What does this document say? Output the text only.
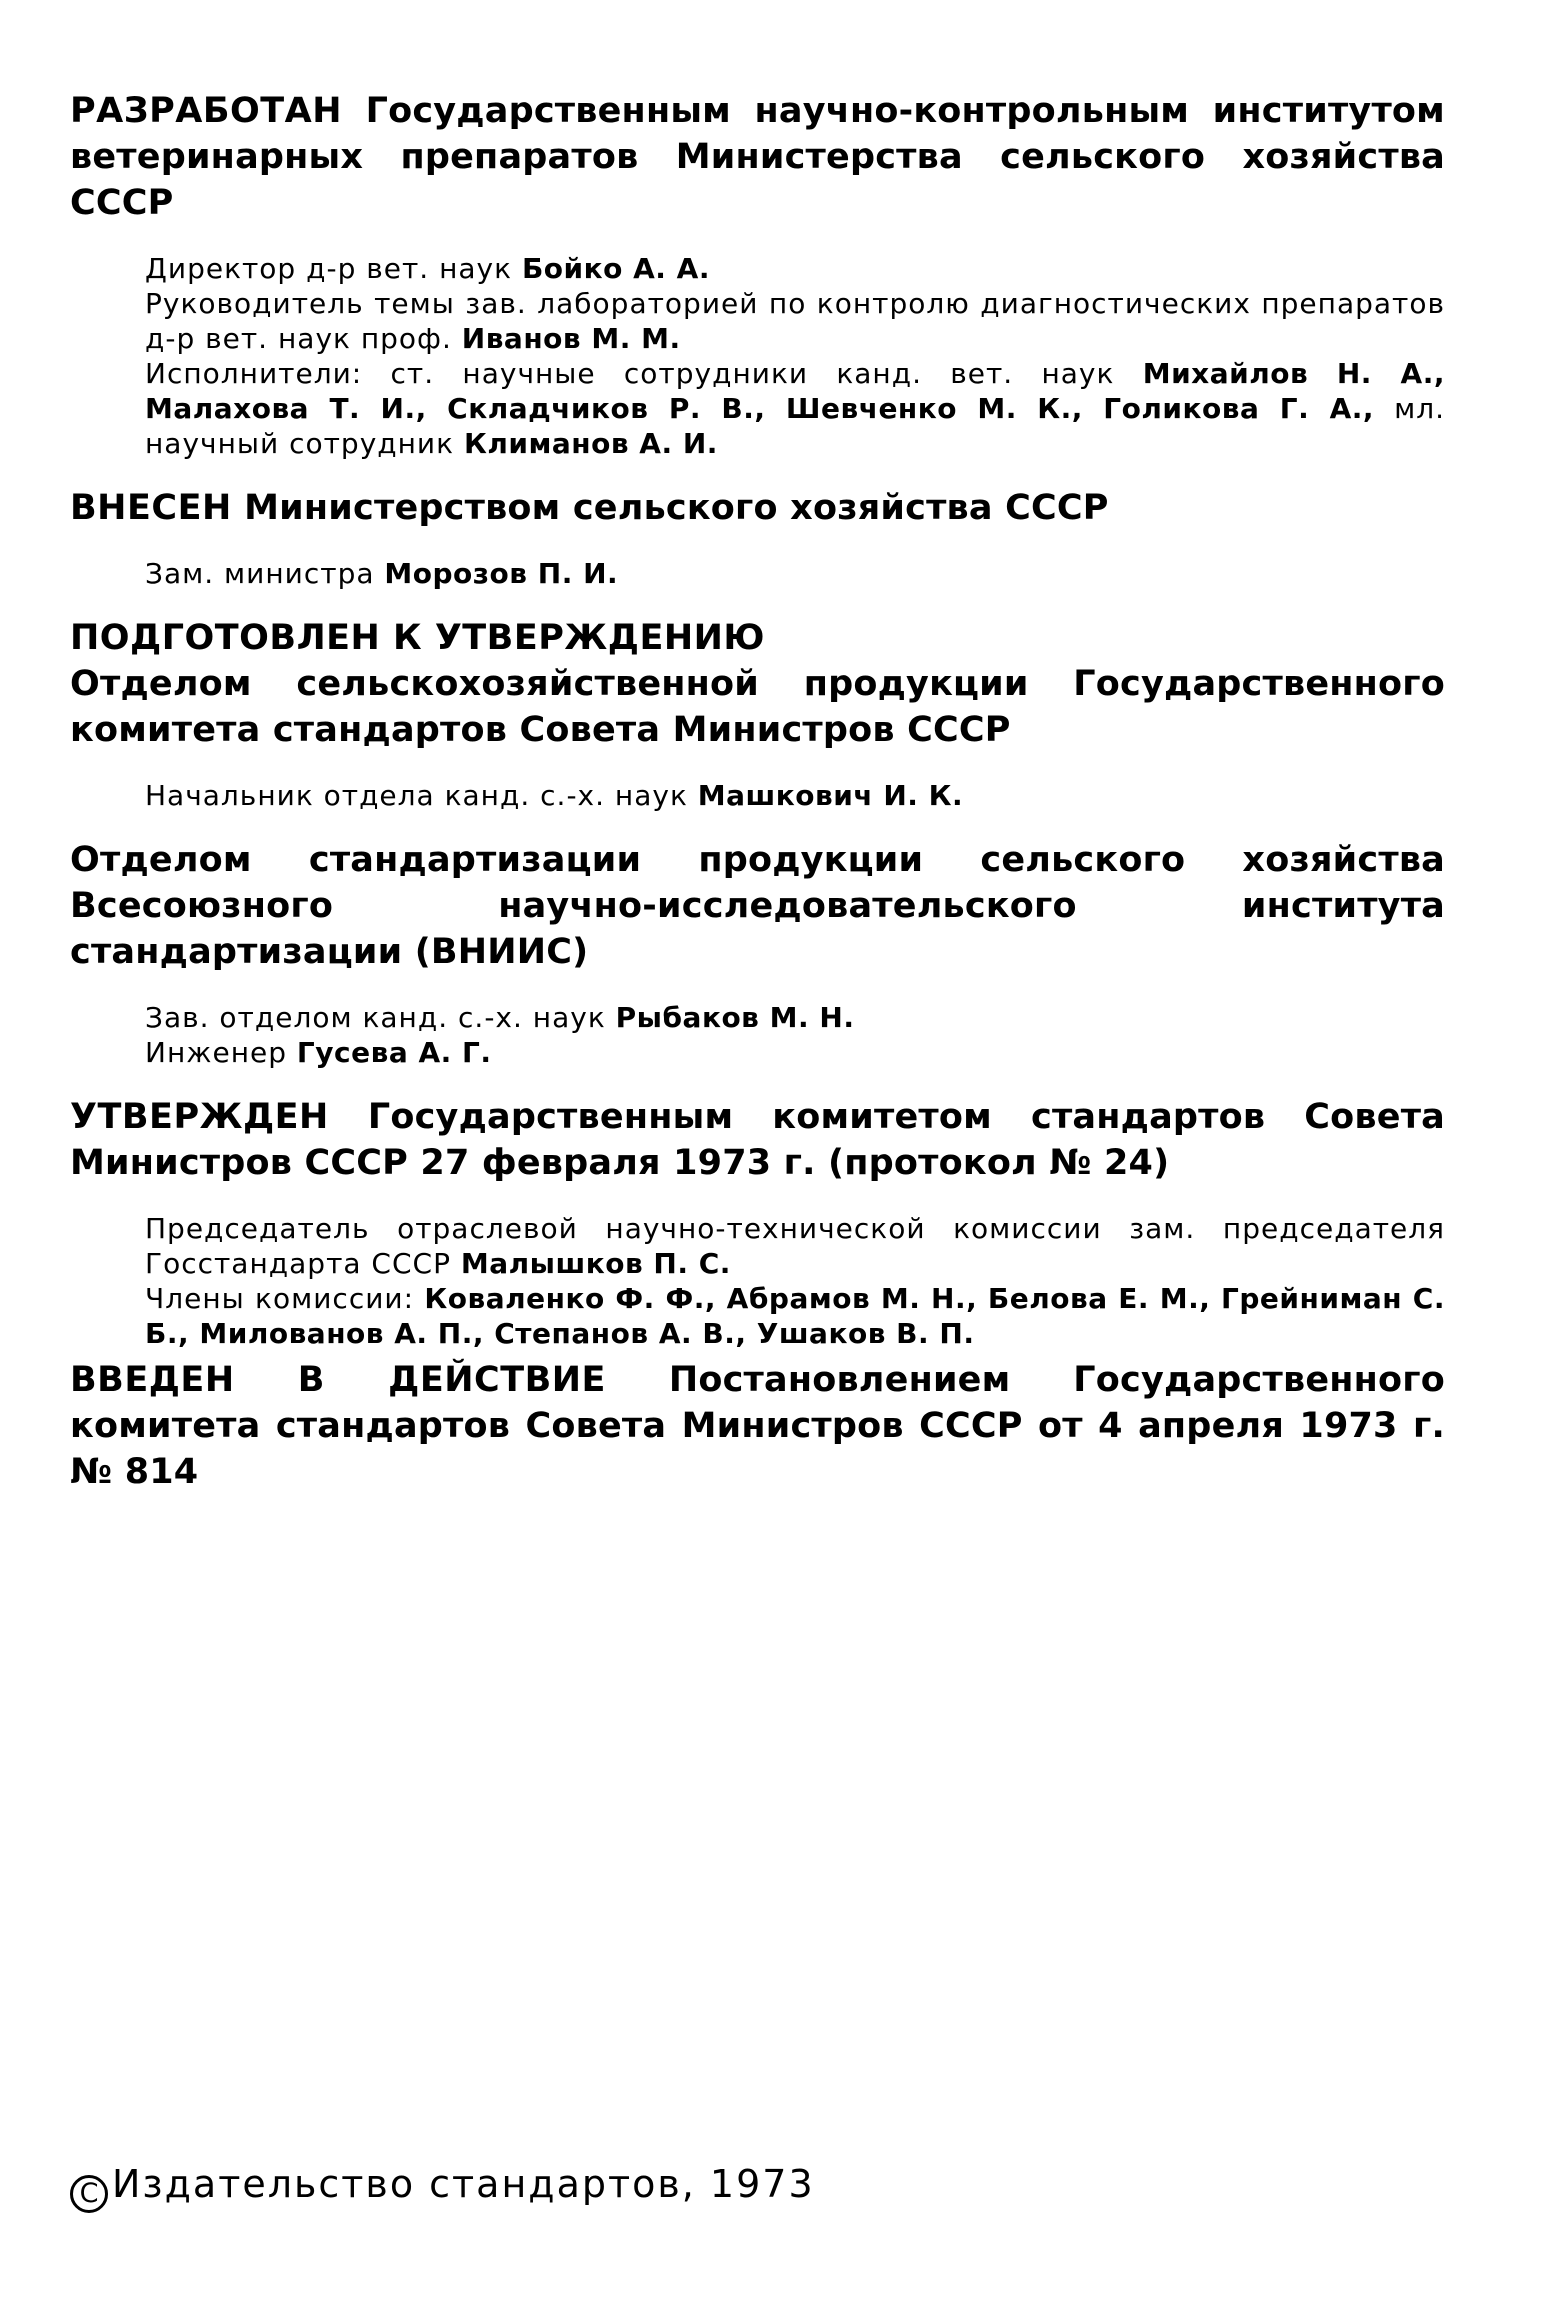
РАЗРАБОТАН Государственным научно-контрольным институтом ветеринарных препаратов Министерства сельского хозяйства СССР

Директор д-р вет. наук Бойко А. А.

Руководитель темы зав. лабораторией по контролю диагностических препаратов д-р вет. наук проф. Иванов М. М.

Исполнители: ст. научные сотрудники канд. вет. наук Михайлов Н. А., Малахова Т. И., Складчиков Р. В., Шевченко М. К., Голикова Г. А., мл. научный сотрудник Климанов А. И.

ВНЕСЕН Министерством сельского хозяйства СССР

Зам. министра Морозов П. И.

ПОДГОТОВЛЕН К УТВЕРЖДЕНИЮ
Отделом сельскохозяйственной продукции Государственного комитета стандартов Совета Министров СССР

Начальник отдела канд. с.-х. наук Машкович И. К.

Отделом стандартизации продукции сельского хозяйства Всесоюзного научно-исследовательского института стандартизации (ВНИИС)

Зав. отделом канд. с.-х. наук Рыбаков М. Н.

Инженер Гусева А. Г.

УТВЕРЖДЕН Государственным комитетом стандартов Совета Министров СССР 27 февраля 1973 г. (протокол № 24)

Председатель отраслевой научно-технической комиссии зам. председателя Госстандарта СССР Малышков П. С.

Члены комиссии: Коваленко Ф. Ф., Абрамов М. Н., Белова Е. М., Грейниман С. Б., Милованов А. П., Степанов А. В., Ушаков В. П.

ВВЕДЕН В ДЕЙСТВИЕ Постановлением Государственного комитета стандартов Совета Министров СССР от 4 апреля 1973 г. № 814
C Издательство стандартов, 1973
